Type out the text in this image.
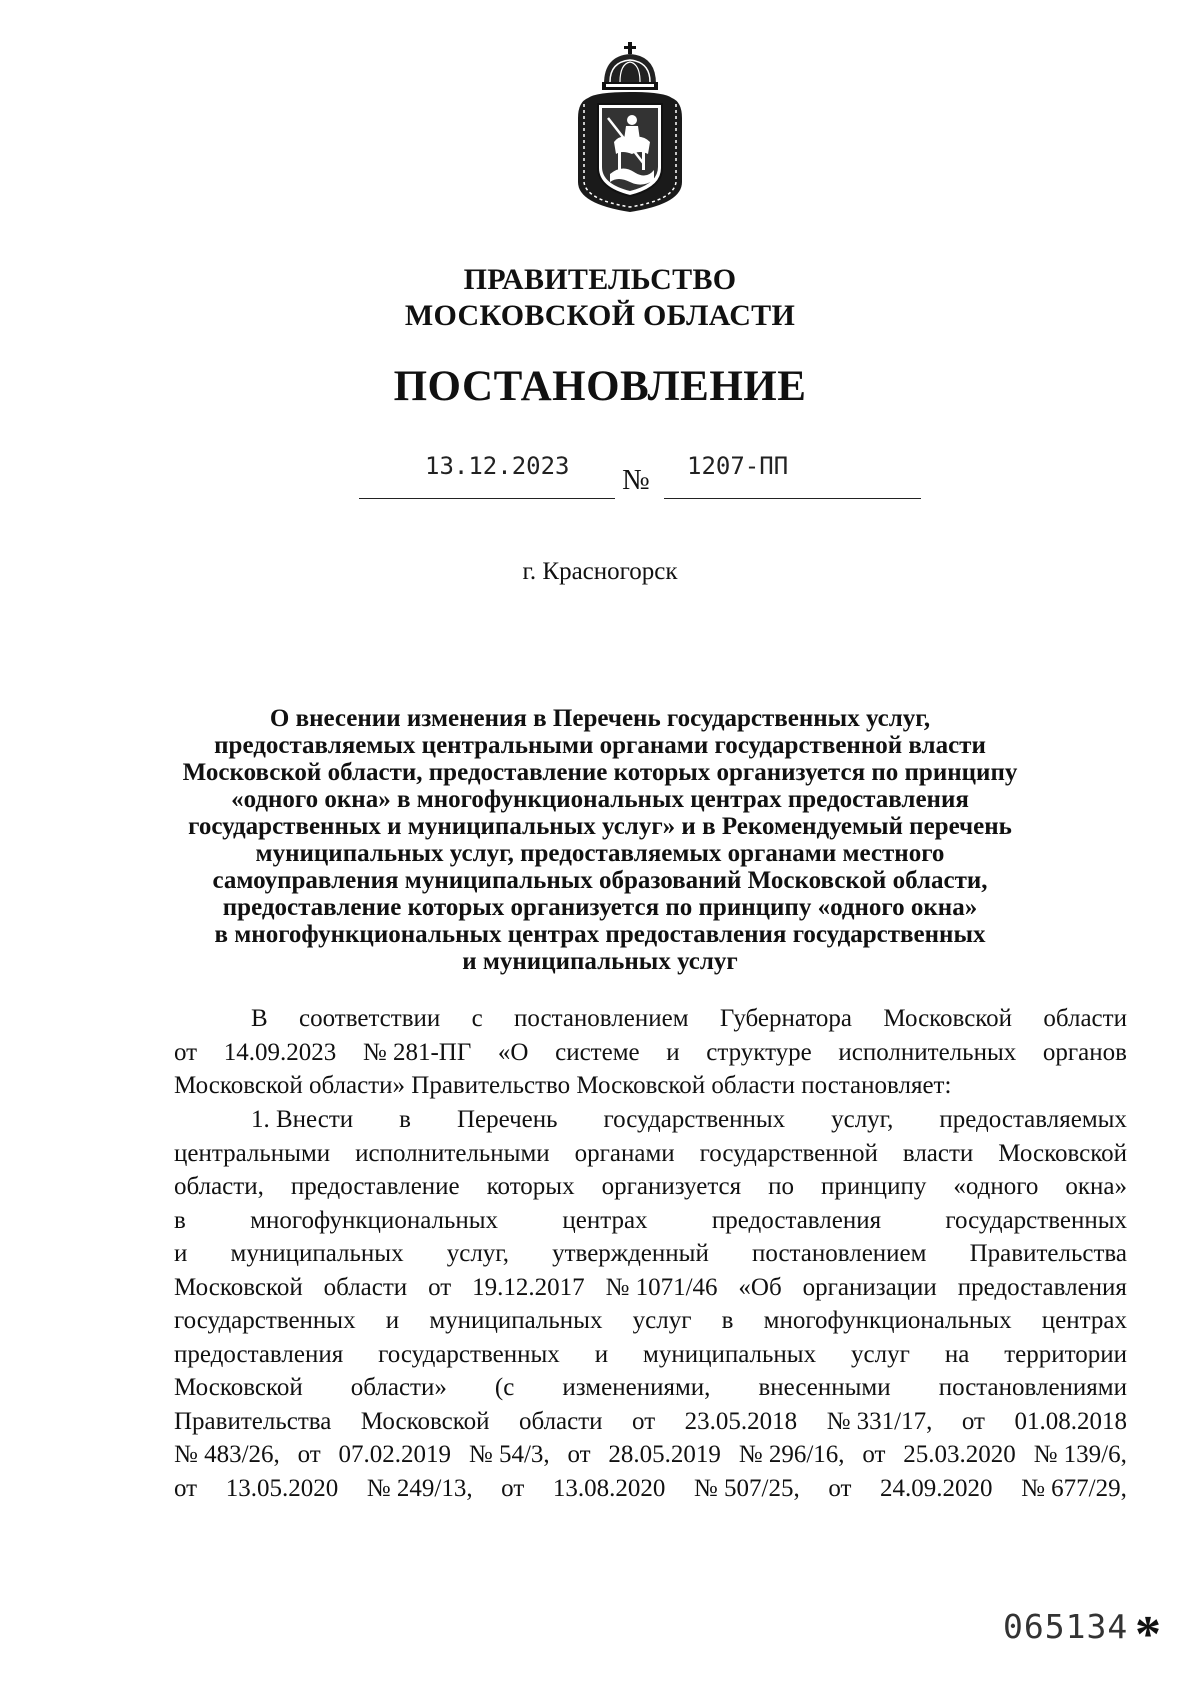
ПРАВИТЕЛЬСТВО
МОСКОВСКОЙ ОБЛАСТИ
ПОСТАНОВЛЕНИЕ
13.12.2023 № 1207-ПП
г. Красногорск
О внесении изменения в Перечень государственных услуг,
предоставляемых центральными органами государственной власти
Московской области, предоставление которых организуется по принципу
«одного окна» в многофункциональных центрах предоставления
государственных и муниципальных услуг» и в Рекомендуемый перечень
муниципальных услуг, предоставляемых органами местного
самоуправления муниципальных образований Московской области,
предоставление которых организуется по принципу «одного окна»
в многофункциональных центрах предоставления государственных
и муниципальных услуг
В соответствии с постановлением Губернатора Московской области
от 14.09.2023 № 281-ПГ «О системе и структуре исполнительных органов
Московской области» Правительство Московской области постановляет:
1. Внести в Перечень государственных услуг, предоставляемых
центральными исполнительными органами государственной власти Московской
области, предоставление которых организуется по принципу «одного окна»
в	многофункциональных	центрах	предоставления	государственных
и муниципальных услуг, утвержденный постановлением Правительства
Московской области от 19.12.2017 № 1071/46 «Об организации предоставления
государственных и муниципальных услуг в многофункциональных центрах
предоставления государственных и муниципальных услуг на территории
Московской области» (с изменениями, внесенными постановлениями
Правительства Московской области от 23.05.2018 № 331/17, от 01.08.2018
№ 483/26, от 07.02.2019 № 54/3, от 28.05.2019 № 296/16, от 25.03.2020 № 139/6,
от 13.05.2020 № 249/13, от 13.08.2020 № 507/25, от 24.09.2020 № 677/29,
065134 *
